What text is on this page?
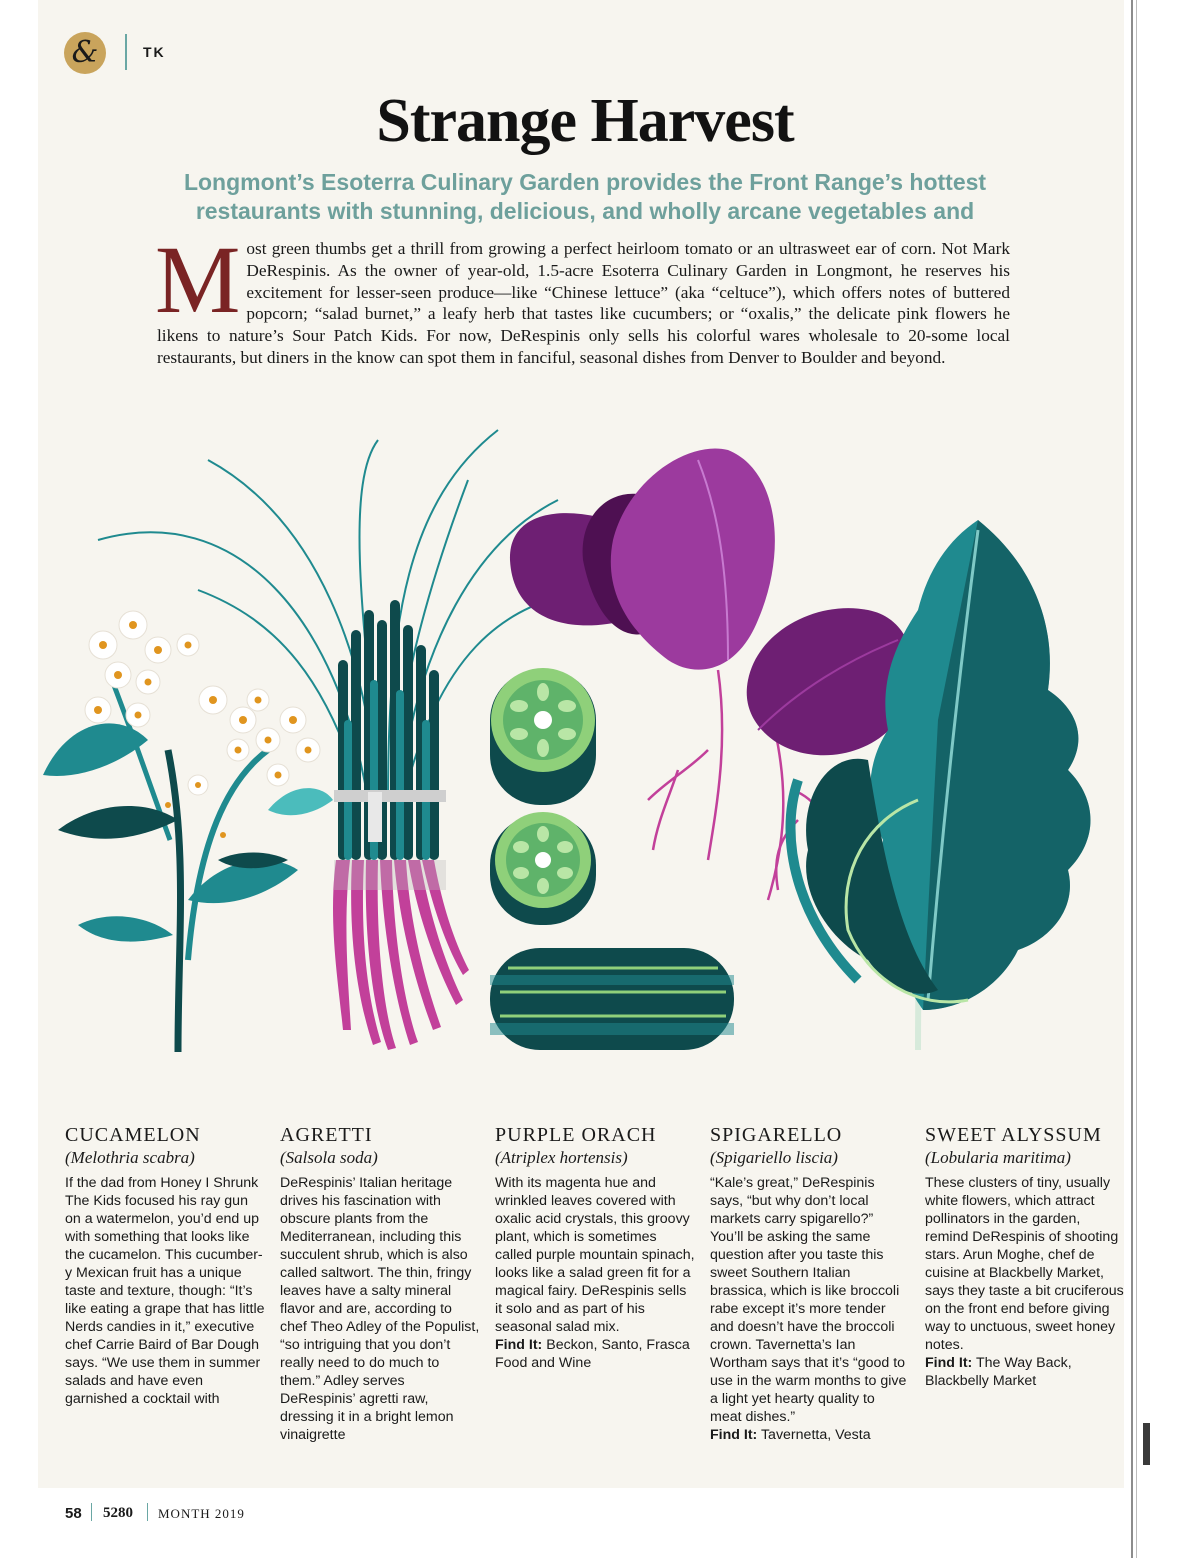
&	TK
Strange Harvest
Longmont’s Esoterra Culinary Garden provides the Front Range’s hottest restaurants with stunning, delicious, and wholly arcane vegetables and
Most green thumbs get a thrill from growing a perfect heirloom tomato or an ultrasweet ear of corn. Not Mark DeRespinis. As the owner of year-old, 1.5-acre Esoterra Culinary Garden in Longmont, he reserves his excitement for lesser-seen produce—like “Chinese lettuce” (aka “celtuce”), which offers notes of buttered popcorn; “salad burnet,” a leafy herb that tastes like cucumbers; or “oxalis,” the delicate pink flowers he likens to nature’s Sour Patch Kids. For now, DeRespinis only sells his colorful wares wholesale to 20-some local restaurants, but diners in the know can spot them in fanciful, seasonal dishes from Denver to Boulder and beyond.
CUCAMELON
(Melothria scabra)
If the dad from Honey I Shrunk The Kids focused his ray gun on a watermelon, you’d end up with something that looks like the cucamelon. This cucumber-y Mexican fruit has a unique taste and texture, though: “It’s like eating a grape that has little Nerds candies in it,” executive chef Carrie Baird of Bar Dough says. “We use them in summer salads and have even garnished a cocktail with
AGRETTI
(Salsola soda)
DeRespinis’ Italian heritage drives his fascination with obscure plants from the Mediterranean, including this succulent shrub, which is also called saltwort. The thin, fringy leaves have a salty mineral flavor and are, according to chef Theo Adley of the Populist, “so intriguing that you don’t really need to do much to them.” Adley serves DeRespinis’ agretti raw, dressing it in a bright lemon vinaigrette
PURPLE ORACH
(Atriplex hortensis)
With its magenta hue and wrinkled leaves covered with oxalic acid crystals, this groovy plant, which is sometimes called purple mountain spinach, looks like a salad green fit for a magical fairy. DeRespinis sells it solo and as part of his seasonal salad mix.
Find It: Beckon, Santo, Frasca Food and Wine
SPIGARELLO
(Spigariello liscia)
“Kale’s great,” DeRespinis says, “but why don’t local markets carry spigarello?” You’ll be asking the same question after you taste this sweet Southern Italian brassica, which is like broccoli rabe except it’s more tender and doesn’t have the broccoli crown. Tavernetta’s Ian Wortham says that it’s “good to use in the warm months to give a light yet hearty quality to meat dishes.”
Find It: Tavernetta, Vesta
SWEET ALYSSUM
(Lobularia maritima)
These clusters of tiny, usually white flowers, which attract pollinators in the garden, remind DeRespinis of shooting stars. Arun Moghe, chef de cuisine at Blackbelly Market, says they taste a bit cruciferous on the front end before giving way to unctuous, sweet honey notes.
Find It: The Way Back, Blackbelly Market
58 5280 MONTH 2019
